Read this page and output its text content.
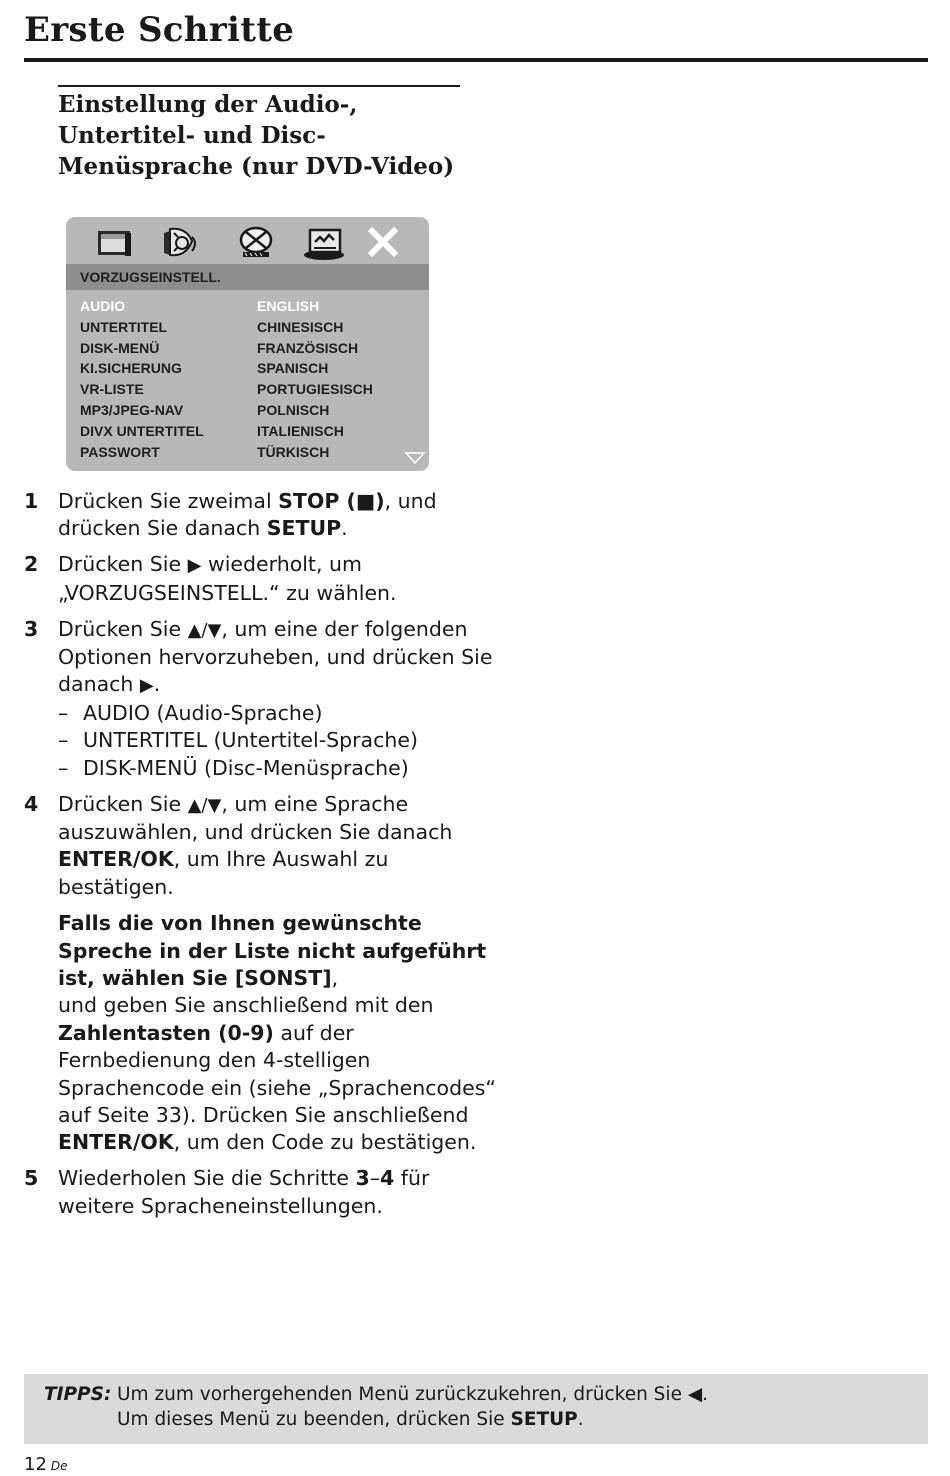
Erste Schritte
Einstellung der Audio-,
Untertitel- und Disc-
Menüsprache (nur DVD-Video)
VORZUGSEINSTELL.
AUDIO
UNTERTITEL
DISK-MENÜ
KI.SICHERUNG
VR-LISTE
MP3/JPEG-NAV
DIVX UNTERTITEL
PASSWORT
ENGLISH
CHINESISCH
FRANZÖSISCH
SPANISCH
PORTUGIESISCH
POLNISCH
ITALIENISCH
TÜRKISCH
1 Drücken Sie zweimal STOP (■), und
drücken Sie danach SETUP.
2 Drücken Sie ▶ wiederholt, um
„VORZUGSEINSTELL.“ zu wählen.
3 Drücken Sie ▲/▼, um eine der folgenden
Optionen hervorzuheben, und drücken Sie
danach ▶.
– AUDIO (Audio-Sprache)
– UNTERTITEL (Untertitel-Sprache)
– DISK-MENÜ (Disc-Menüsprache)
4 Drücken Sie ▲/▼, um eine Sprache
auszuwählen, und drücken Sie danach
ENTER/OK, um Ihre Auswahl zu
bestätigen.
Falls die von Ihnen gewünschte
Spreche in der Liste nicht aufgeführt
ist, wählen Sie [SONST],
und geben Sie anschließend mit den
Zahlentasten (0-9) auf der
Fernbedienung den 4-stelligen
Sprachencode ein (siehe „Sprachencodes“
auf Seite 33). Drücken Sie anschließend
ENTER/OK, um den Code zu bestätigen.
5 Wiederholen Sie die Schritte 3–4 für
weitere Spracheneinstellungen.
TIPPS: Um zum vorhergehenden Menü zurückzukehren, drücken Sie ◀.
Um dieses Menü zu beenden, drücken Sie SETUP.
12 De
